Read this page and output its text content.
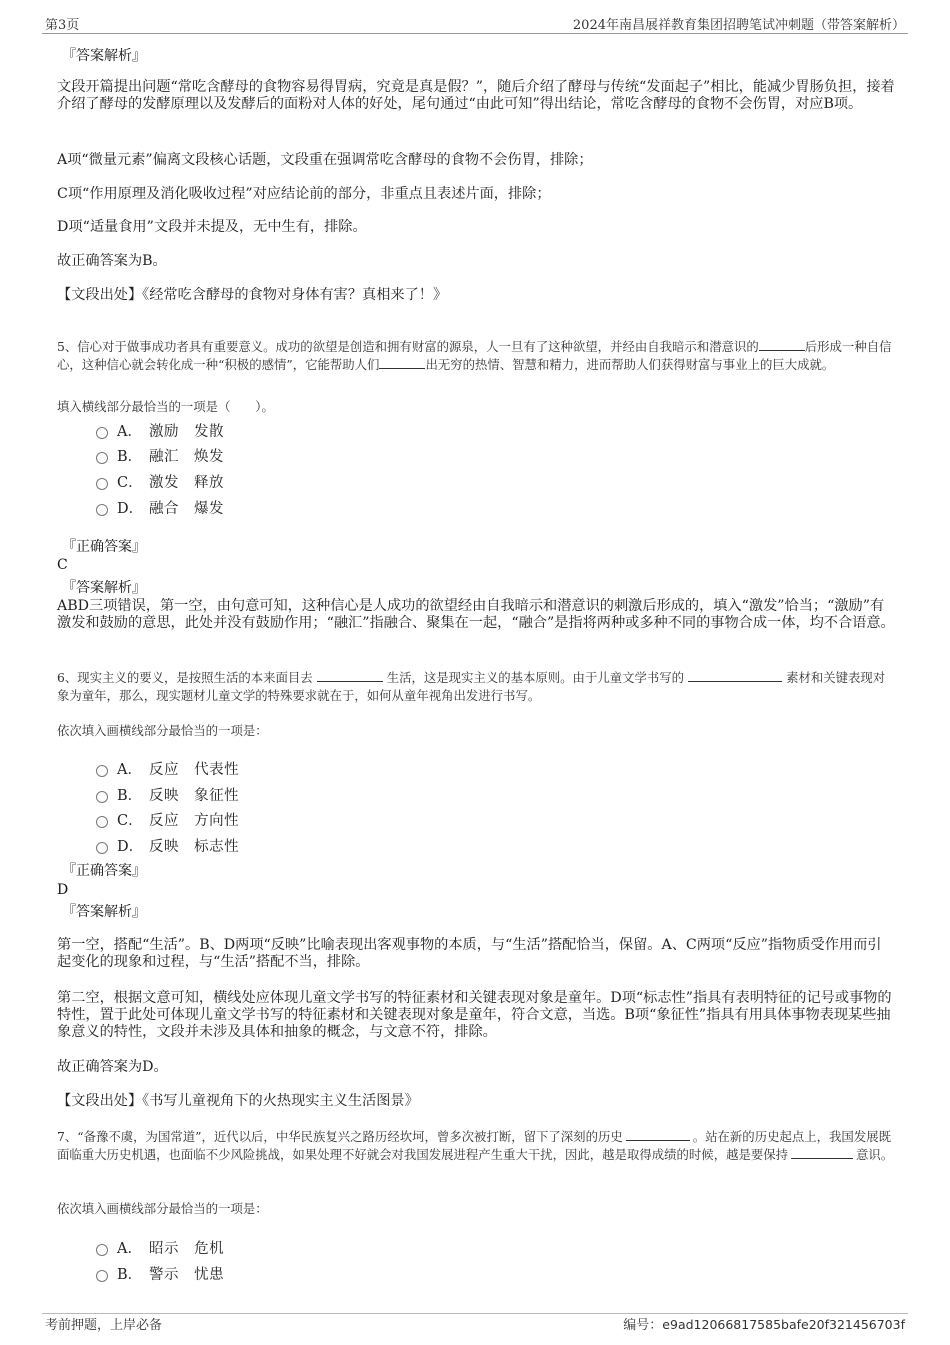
第3页	2024年南昌展祥教育集团招聘笔试冲刺题（带答案解析）
『答案解析』
文段开篇提出问题“常吃含酵母的食物容易得胃病，究竟是真是假？”，随后介绍了酵母与传统“发面起子”相比，能减少胃肠负担，接着介绍了酵母的发酵原理以及发酵后的面粉对人体的好处，尾句通过“由此可知”得出结论，常吃含酵母的食物不会伤胃，对应B项。
A项“微量元素”偏离文段核心话题，文段重在强调常吃含酵母的食物不会伤胃，排除；
C项“作用原理及消化吸收过程”对应结论前的部分，非重点且表述片面，排除；
D项“适量食用”文段并未提及，无中生有，排除。
故正确答案为B。
【文段出处】《经常吃含酵母的食物对身体有害？真相来了！》
5、信心对于做事成功者具有重要意义。成功的欲望是创造和拥有财富的源泉，人一旦有了这种欲望，并经由自我暗示和潜意识的	后形成一种自信心，这种信心就会转化成一种“积极的感情”，它能帮助人们	出无穷的热情、智慧和精力，进而帮助人们获得财富与事业上的巨大成就。
填入横线部分最恰当的一项是（　　）。
A． 激励　发散
B． 融汇　焕发
C． 激发　释放
D． 融合　爆发
『正确答案』
C
『答案解析』
ABD三项错误，第一空，由句意可知，这种信心是人成功的欲望经由自我暗示和潜意识的刺激后形成的，填入“激发”恰当；“激励”有激发和鼓励的意思，此处并没有鼓励作用；“融汇”指融合、聚集在一起，“融合”是指将两种或多种不同的事物合成一体，均不合语意。
6、现实主义的要义，是按照生活的本来面目去	生活，这是现实主义的基本原则。由于儿童文学书写的	素材和关键表现对象为童年，那么，现实题材儿童文学的特殊要求就在于，如何从童年视角出发进行书写。
依次填入画横线部分最恰当的一项是：
A． 反应 代表性
B． 反映 象征性
C． 反应 方向性
D． 反映 标志性
『正确答案』
D
『答案解析』
第一空，搭配“生活”。B、D两项“反映”比喻表现出客观事物的本质，与“生活”搭配恰当，保留。A、C两项“反应”指物质受作用而引起变化的现象和过程，与“生活”搭配不当，排除。
第二空，根据文意可知，横线处应体现儿童文学书写的特征素材和关键表现对象是童年。D项“标志性”指具有表明特征的记号或事物的特性，置于此处可体现儿童文学书写的特征素材和关键表现对象是童年，符合文意，当选。B项“象征性”指具有用具体事物表现某些抽象意义的特性，文段并未涉及具体和抽象的概念，与文意不符，排除。
故正确答案为D。
【文段出处】《书写儿童视角下的火热现实主义生活图景》
7、“备豫不虞，为国常道”，近代以后，中华民族复兴之路历经坎坷，曾多次被打断，留下了深刻的历史	。站在新的历史起点上，我国发展既面临重大历史机遇，也面临不少风险挑战，如果处理不好就会对我国发展进程产生重大干扰，因此，越是取得成绩的时候，越是要保持	意识。
依次填入画横线部分最恰当的一项是：
A． 昭示 危机
B． 警示 忧患
考前押题，上岸必备	编号：e9ad12066817585bafe20f321456703f
